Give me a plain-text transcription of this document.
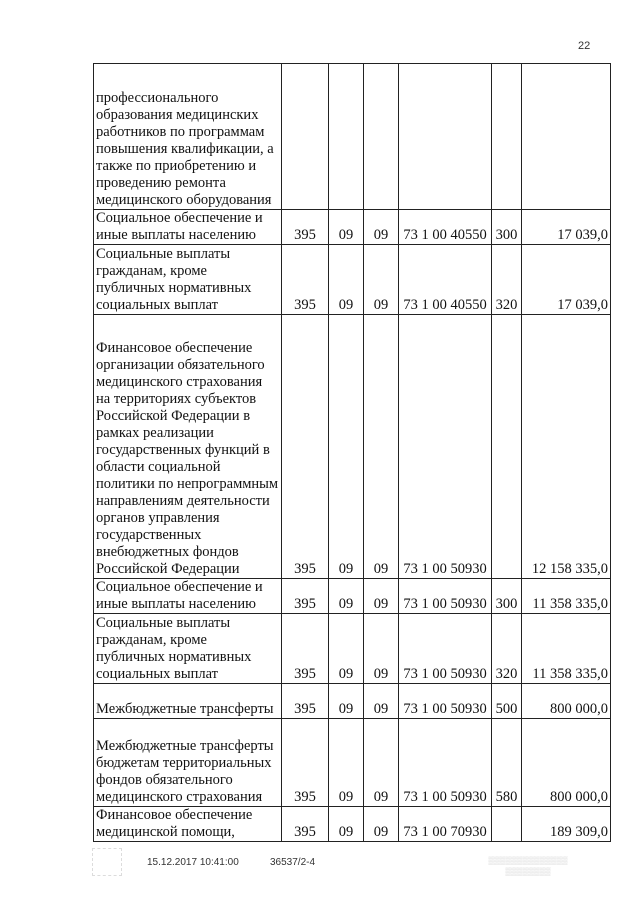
22
профессионального образования медицинских работников по программам повышения квалификации, а также по приобретению и проведению ремонта медицинского оборудования						
Социальное обеспечение и иные выплаты населению	395	09	09	73 1 00 40550	300	17 039,0
Социальные выплаты гражданам, кроме публичных нормативных социальных выплат	395	09	09	73 1 00 40550	320	17 039,0
Финансовое обеспечение организации обязательного медицинского страхования на территориях субъектов Российской Федерации в рамках реализации государственных функций в области социальной политики по непрограммным направлениям деятельности органов управления государственных внебюджетных фондов Российской Федерации	395	09	09	73 1 00 50930		12 158 335,0
Социальное обеспечение и иные выплаты населению	395	09	09	73 1 00 50930	300	11 358 335,0
Социальные выплаты гражданам, кроме публичных нормативных социальных выплат	395	09	09	73 1 00 50930	320	11 358 335,0
Межбюджетные трансферты	395	09	09	73 1 00 50930	500	800 000,0
Межбюджетные трансферты бюджетам территориальных фондов обязательного медицинского страхования	395	09	09	73 1 00 50930	580	800 000,0
Финансовое обеспечение медицинской помощи,	395	09	09	73 1 00 70930		189 309,0
15.12.2017 10:41:00	36537/2-4	▒▒▒▒▒▒▒▒▒▒▒▒▒▒
▒▒▒▒▒▒▒▒
